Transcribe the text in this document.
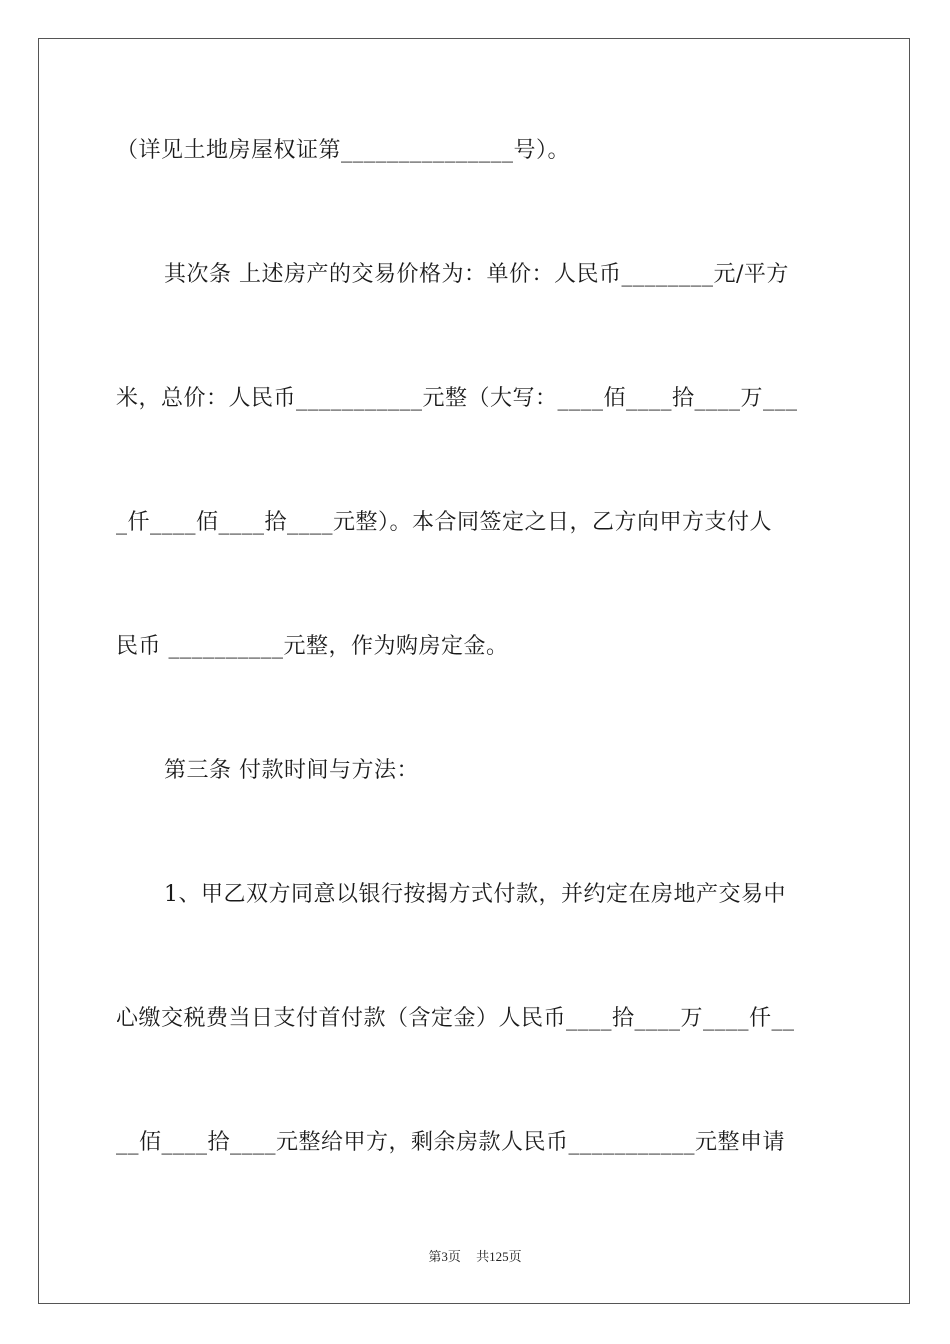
（详见土地房屋权证第_______________号）。
其次条 上述房产的交易价格为：单价：人民币________元/平方
米，总价：人民币___________元整（大写：____佰____拾____万___
_仟____佰____拾____元整）。本合同签定之日，乙方向甲方支付人
民币 __________元整，作为购房定金。
第三条 付款时间与方法：
1、甲乙双方同意以银行按揭方式付款，并约定在房地产交易中
心缴交税费当日支付首付款（含定金）人民币____拾____万____仟__
__佰____拾____元整给甲方，剩余房款人民币___________元整申请
第3页 共125页
